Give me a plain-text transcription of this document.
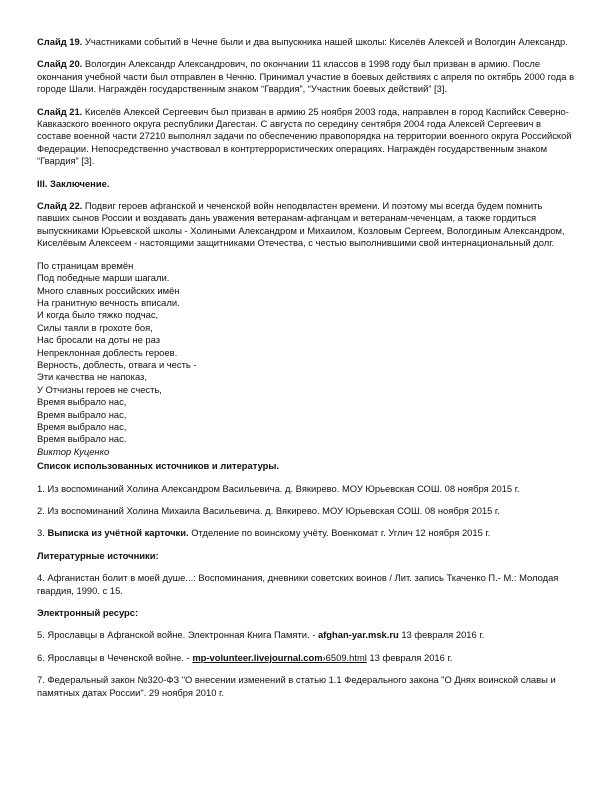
Слайд 19. Участниками событий в Чечне были и два выпускника нашей школы: Киселёв Алексей и Вологдин Александр.

Слайд 20. Вологдин Александр Александрович, по окончании 11 классов в 1998 году был призван в армию. После окончания учебной части был отправлен в Чечню. Принимал участие в боевых действиях с апреля по октябрь 2000 года в городе Шали. Награждён государственным знаком “Гвардия”, “Участник боевых действий” [3].

Слайд 21. Киселёв Алексей Сергеевич был призван в армию 25 ноября 2003 года, направлен в город Каспийск Северно-Кавказского военного округа республики Дагестан. С августа по середину сентября 2004 года Алексей Сергеевич в составе военной части 27210 выполнял задачи по обеспечению правопорядка на территории военного округа Российской Федерации. Непосредственно участвовал в контртеррористических операциях. Награждён государственным знаком “Гвардия” [3].

III. Заключение.

Слайд 22. Подвиг героев афганской и чеченской войн неподвластен времени. И поэтому мы всегда будем помнить павших сынов России и воздавать дань уважения ветеранам-афганцам и ветеранам-чеченцам, а также гордиться выпускниками Юрьевской школы - Холиными Александром и Михаилом, Козловым Сергеем, Вологдиным Александром, Киселёвым Алексеем - настоящими защитниками Отечества, с честью выполнившими свой интернациональный долг.

По страницам времён
Под победные марши шагали.
Много славных российских имён
На гранитную вечность вписали.
И когда было тяжко подчас,
Силы таяли в грохоте боя,
Нас бросали на доты не раз
Непреклонная доблесть героев.
Верность, доблесть, отвага и честь -
Эти качества не напоказ,
У Отчизны героев не счесть,
Время выбрало нас,
Время выбрало нас,
Время выбрало нас,
Время выбрало нас.
Виктор Куценко

Список использованных источников и литературы.

1. Из воспоминаний Холина Александром Васильевича. д. Вякирево. МОУ Юрьевская СОШ. 08 ноября 2015 г.

2. Из воспоминаний Холина Михаила Васильевича. д. Вякирево. МОУ Юрьевская СОШ. 08 ноября 2015 г.

3. Выписка из учётной карточки. Отделение по воинскому учёту. Военкомат г. Углич 12 ноября 2015 г.

Литературные источники:

4. Афганистан болит в моей душе...: Воспоминания, дневники советских воинов / Лит. запись Ткаченко П.- М.: Молодая гвардия, 1990. с 15.

Электронный ресурс:

5. Ярославцы в Афганской войне. Электронная Книга Памяти. - afghan-yar.msk.ru 13 февраля 2016 г.

6. Ярославцы в Чеченской войне. - mp-volunteer.livejournal.com›6509.html 13 февраля 2016 г.

7. Федеральный закон №320-ФЗ "О внесении изменений в статью 1.1 Федерального закона "О Днях воинской славы и памятных датах России". 29 ноября 2010 г.
